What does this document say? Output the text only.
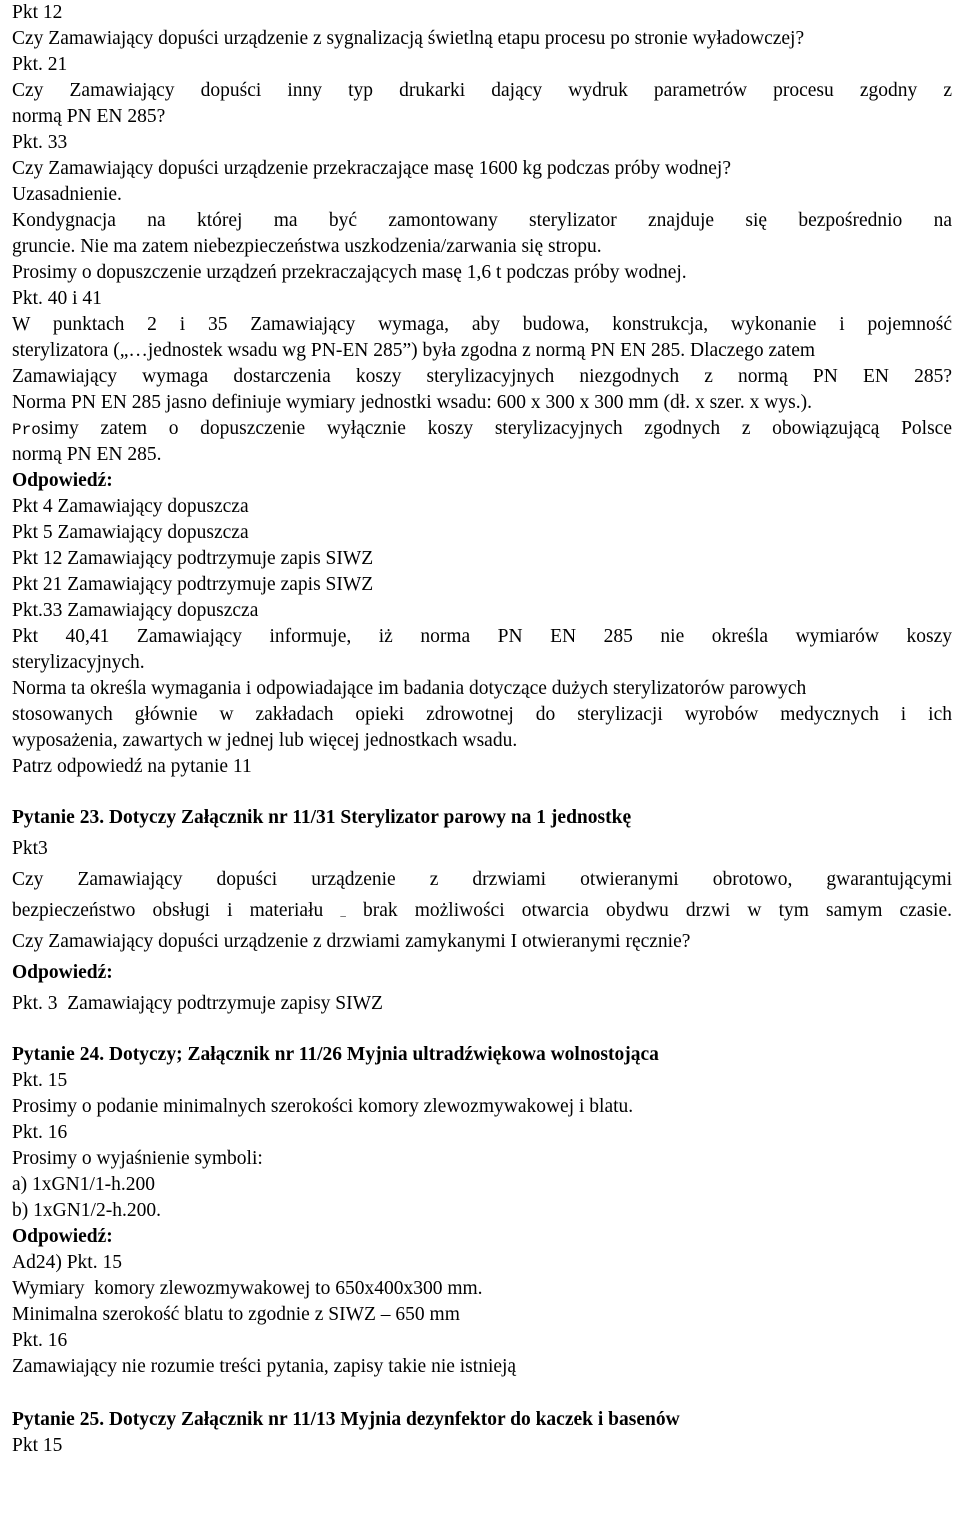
Pkt 12
Czy Zamawiający dopuści urządzenie z sygnalizacją świetlną etapu procesu po stronie wyładowczej?
Pkt. 21
Czy Zamawiający dopuści inny typ drukarki dający wydruk parametrów procesu zgodny z
normą PN EN 285?
Pkt. 33
Czy Zamawiający dopuści urządzenie przekraczające masę 1600 kg podczas próby wodnej?
Uzasadnienie.
Kondygnacja na której ma być zamontowany sterylizator znajduje się bezpośrednio na
gruncie. Nie ma zatem niebezpieczeństwa uszkodzenia/zarwania się stropu.
Prosimy o dopuszczenie urządzeń przekraczających masę 1,6 t podczas próby wodnej.
Pkt. 40 i 41
W punktach 2 i 35 Zamawiający wymaga, aby budowa, konstrukcja, wykonanie i pojemność
sterylizatora („…jednostek wsadu wg PN-EN 285”) była zgodna z normą PN EN 285. Dlaczego zatem
Zamawiający wymaga dostarczenia koszy sterylizacyjnych niezgodnych z normą PN EN 285?
Norma PN EN 285 jasno definiuje wymiary jednostki wsadu: 600 x 300 x 300 mm (dł. x szer. x wys.).
Prosimy zatem o dopuszczenie wyłącznie koszy sterylizacyjnych zgodnych z obowiązującą Polsce
normą PN EN 285.
Odpowiedź:
Pkt 4 Zamawiający dopuszcza
Pkt 5 Zamawiający dopuszcza
Pkt 12 Zamawiający podtrzymuje zapis SIWZ
Pkt 21 Zamawiający podtrzymuje zapis SIWZ
Pkt.33 Zamawiający dopuszcza
Pkt 40,41 Zamawiający informuje, iż norma PN EN 285 nie określa wymiarów koszy
sterylizacyjnych.
Norma ta określa wymagania i odpowiadające im badania dotyczące dużych sterylizatorów parowych
stosowanych głównie w zakładach opieki zdrowotnej do sterylizacji wyrobów medycznych i ich
wyposażenia, zawartych w jednej lub więcej jednostkach wsadu.
Patrz odpowiedź na pytanie 11
Pytanie 23. Dotyczy Załącznik nr 11/31 Sterylizator parowy na 1 jednostkę
Pkt3
Czy Zamawiający dopuści urządzenie z drzwiami otwieranymi obrotowo, gwarantującymi
bezpieczeństwo obsługi i materiału – brak możliwości otwarcia obydwu drzwi w tym samym czasie.
Czy Zamawiający dopuści urządzenie z drzwiami zamykanymi I otwieranymi ręcznie?
Odpowiedź:
Pkt. 3  Zamawiający podtrzymuje zapisy SIWZ
Pytanie 24. Dotyczy; Załącznik nr 11/26 Myjnia ultradźwiękowa wolnostojąca
Pkt. 15
Prosimy o podanie minimalnych szerokości komory zlewozmywakowej i blatu.
Pkt. 16
Prosimy o wyjaśnienie symboli:
a) 1xGN1/1-h.200
b) 1xGN1/2-h.200.
Odpowiedź:
Ad24) Pkt. 15
Wymiary  komory zlewozmywakowej to 650x400x300 mm.
Minimalna szerokość blatu to zgodnie z SIWZ – 650 mm
Pkt. 16
Zamawiający nie rozumie treści pytania, zapisy takie nie istnieją
Pytanie 25. Dotyczy Załącznik nr 11/13 Myjnia dezynfektor do kaczek i basenów
Pkt 15
